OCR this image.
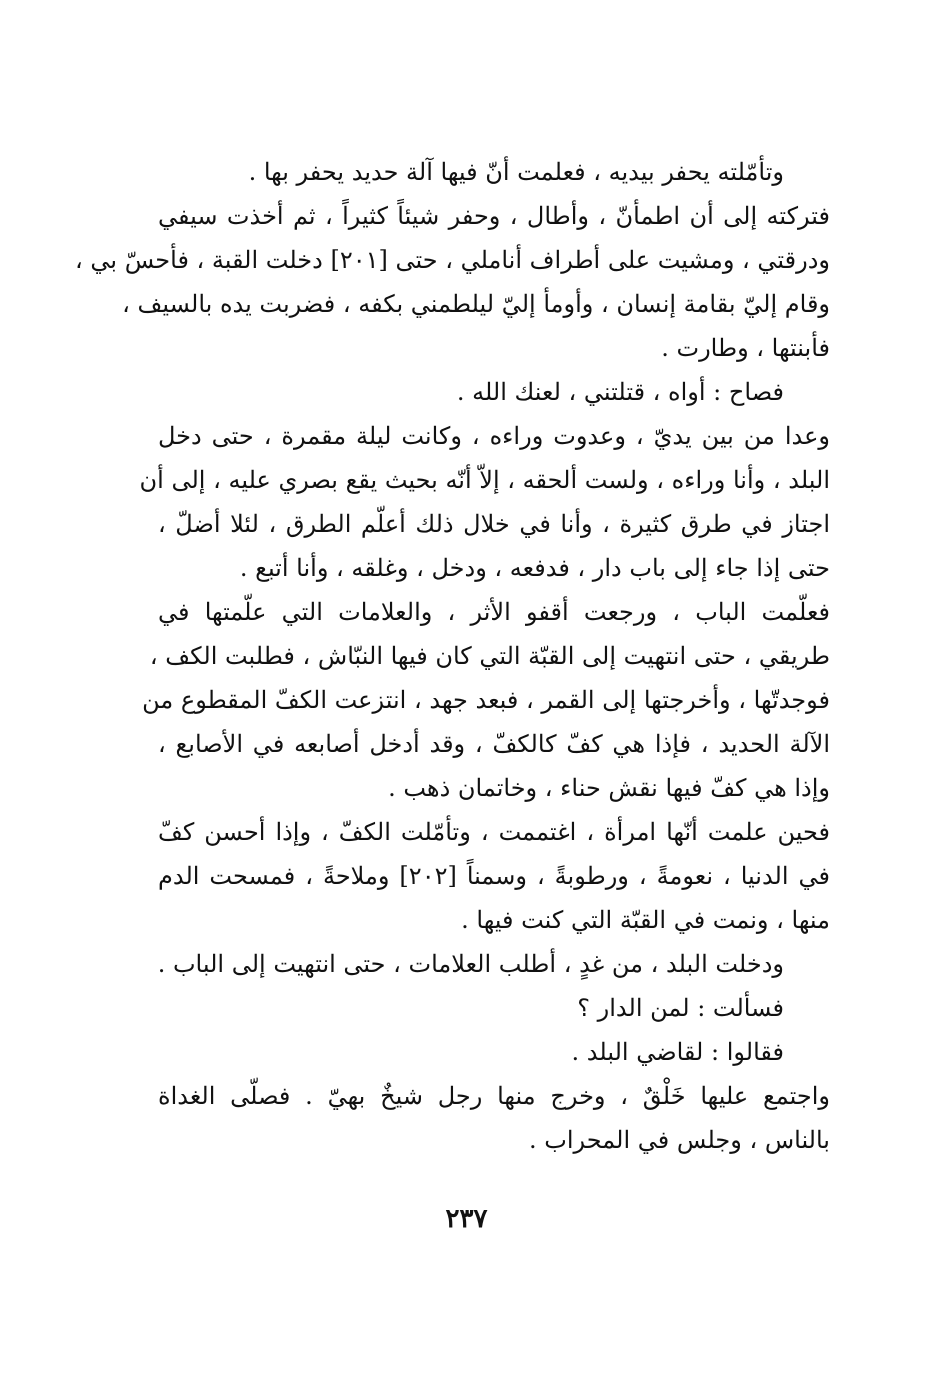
وتأمّلته يحفر بيديه ، فعلمت أنّ فيها آلة حديد يحفر بها .
فتركته إلى أن اطمأنّ ، وأطال ، وحفر شيئاً كثيراً ، ثم أخذت سيفي
ودرقتي ، ومشيت على أطراف أناملي ، حتى [٢٠١] دخلت القبة ، فأحسّ بي ،
وقام إليّ بقامة إنسان ، وأومأ إليّ ليلطمني بكفه ، فضربت يده بالسيف ،
فأبنتها ، وطارت .
فصاح : أواه ، قتلتني ، لعنك الله .
وعدا من بين يديّ ، وعدوت وراءه ، وكانت ليلة مقمرة ، حتى دخل
البلد ، وأنا وراءه ، ولست ألحقه ، إلاّ أنّه بحيث يقع بصري عليه ، إلى أن
اجتاز في طرق كثيرة ، وأنا في خلال ذلك أعلّم الطرق ، لئلا أضلّ ،
حتى إذا جاء إلى باب دار ، فدفعه ، ودخل ، وغلقه ، وأنا أتبع .
فعلّمت الباب ، ورجعت أقفو الأثر ، والعلامات التي علّمتها في
طريقي ، حتى انتهيت إلى القبّة التي كان فيها النبّاش ، فطلبت الكف ،
فوجدتّها ، وأخرجتها إلى القمر ، فبعد جهد ، انتزعت الكفّ المقطوع من
الآلة الحديد ، فإذا هي كفّ كالكفّ ، وقد أدخل أصابعه في الأصابع ،
وإذا هي كفّ فيها نقش حناء ، وخاتمان ذهب .
فحين علمت أنّها امرأة ، اغتممت ، وتأمّلت الكفّ ، وإذا أحسن كفّ
في الدنيا ، نعومةً ، ورطوبةً ، وسمناً [٢٠٢] وملاحةً ، فمسحت الدم
منها ، ونمت في القبّة التي كنت فيها .
ودخلت البلد ، من غدٍ ، أطلب العلامات ، حتى انتهيت إلى الباب .
فسألت : لمن الدار ؟
فقالوا : لقاضي البلد .
واجتمع عليها خَلْقٌ ، وخرج منها رجل شيخٌ بهيّ . فصلّى الغداة
بالناس ، وجلس في المحراب .
٢٣٧
